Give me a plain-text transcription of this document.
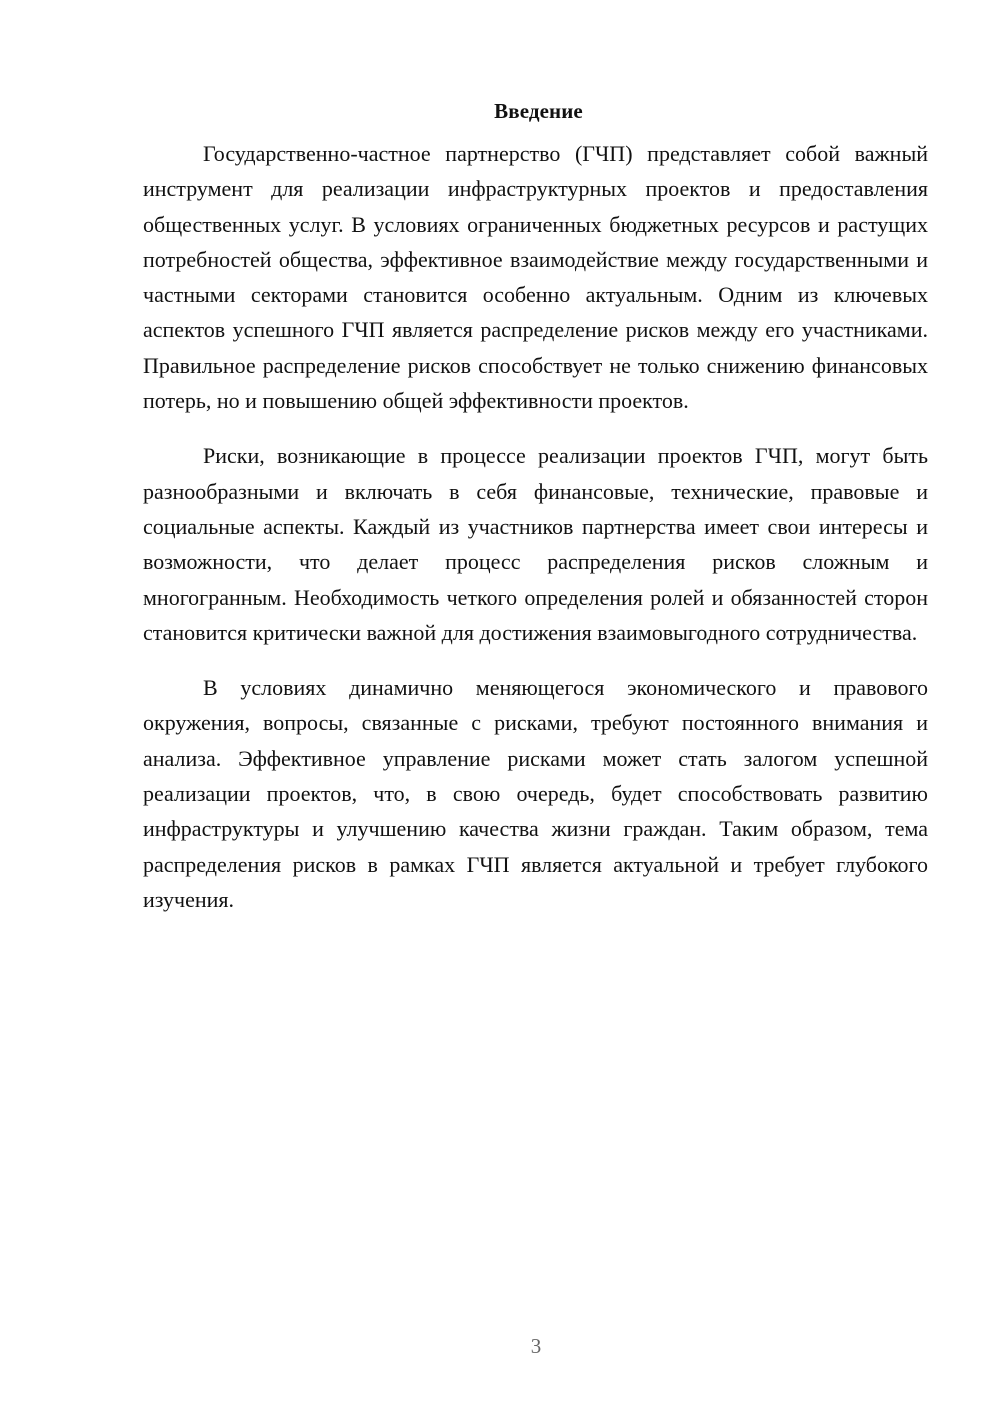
Введение

Государственно-частное партнерство (ГЧП) представляет собой важный инструмент для реализации инфраструктурных проектов и предоставления общественных услуг. В условиях ограниченных бюджетных ресурсов и растущих потребностей общества, эффективное взаимодействие между государственными и частными секторами становится особенно актуальным. Одним из ключевых аспектов успешного ГЧП является распределение рисков между его участниками. Правильное распределение рисков способствует не только снижению финансовых потерь, но и повышению общей эффективности проектов.

Риски, возникающие в процессе реализации проектов ГЧП, могут быть разнообразными и включать в себя финансовые, технические, правовые и социальные аспекты. Каждый из участников партнерства имеет свои интересы и возможности, что делает процесс распределения рисков сложным и многогранным. Необходимость четкого определения ролей и обязанностей сторон становится критически важной для достижения взаимовыгодного сотрудничества.

В условиях динамично меняющегося экономического и правового окружения, вопросы, связанные с рисками, требуют постоянного внимания и анализа. Эффективное управление рисками может стать залогом успешной реализации проектов, что, в свою очередь, будет способствовать развитию инфраструктуры и улучшению качества жизни граждан. Таким образом, тема распределения рисков в рамках ГЧП является актуальной и требует глубокого изучения.

3
